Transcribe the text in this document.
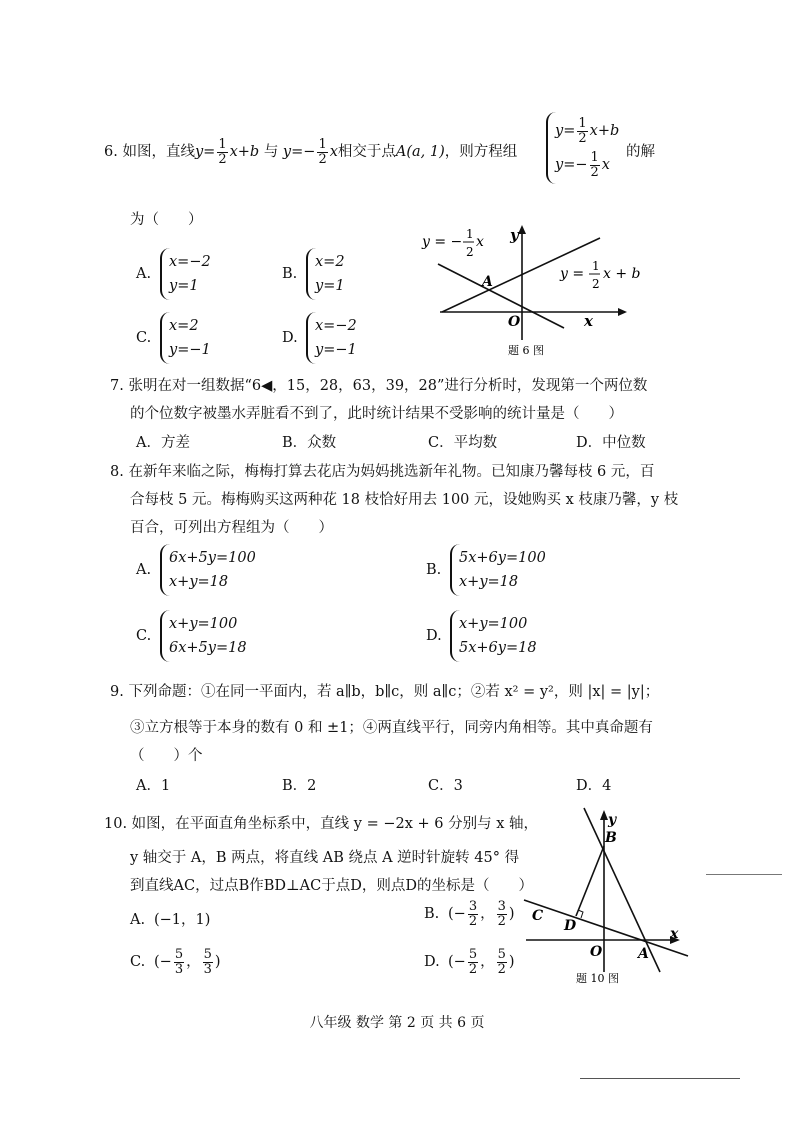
6. 如图，直线$y= \frac{1}{2} x+b$ 与 $y=- \frac{1}{2}$ x相交于点A(a, 1)，则方程组
$y= \frac{1}{2} x+b$
$y=- \frac{1}{2}$ x
的解
为（　　）
A.
x=−2
y=1
B.
x=2
y=1
C.
x=2
y=−1
D.
x=−2
y=−1
y = − 1
2
x
y = 1
2
x + b
A
O	x
y
题 6 图
7. 张明在对一组数据“6◀，15，28，63，39，28”进行分析时，发现第一个两位数
的个位数字被墨水弄脏看不到了，此时统计结果不受影响的统计量是（　　）
A．方差	B．众数	C．平均数	D．中位数
8. 在新年来临之际，梅梅打算去花店为妈妈挑选新年礼物。已知康乃馨每枝 6 元，百
合每枝 5 元。梅梅购买这两种花 18 枝恰好用去 100 元，设她购买 x 枝康乃馨，y 枝
百合，可列出方程组为（　　）
A.
6x+5y=100
x+y=18
B.
5x+6y=100
x+y=18
C.
x+y=100
6x+5y=18
D.
x+y=100
5x+6y=18
9. 下列命题：①在同一平面内，若 a∥b，b∥c，则 a∥c；②若 x² = y²，则 |x| = |y|；
③立方根等于本身的数有 0 和 ±1；④两直线平行，同旁内角相等。其中真命题有
（　　）个
A．1	B．2	C．3	D．4
10. 如图，在平面直角坐标系中，直线 y = −2x + 6 分别与 x 轴，
y 轴交于 A，B 两点，将直线 AB 绕点 A 逆时针旋转 45° 得
到直线AC，过点B作BD⊥AC于点D，则点D的坐标是（　　）
A. (−1，1)	B. (− $\frac{3}{2}$ ， $\frac{3}{2}$ )
C. (− $\frac{5}{3}$ ， $\frac{5}{3}$ )	D. (− $\frac{5}{2}$ ， $\frac{5}{2}$ )
y
B
C
D
O	A
x
题 10 图
八年级 数学 第 2 页 共 6 页
